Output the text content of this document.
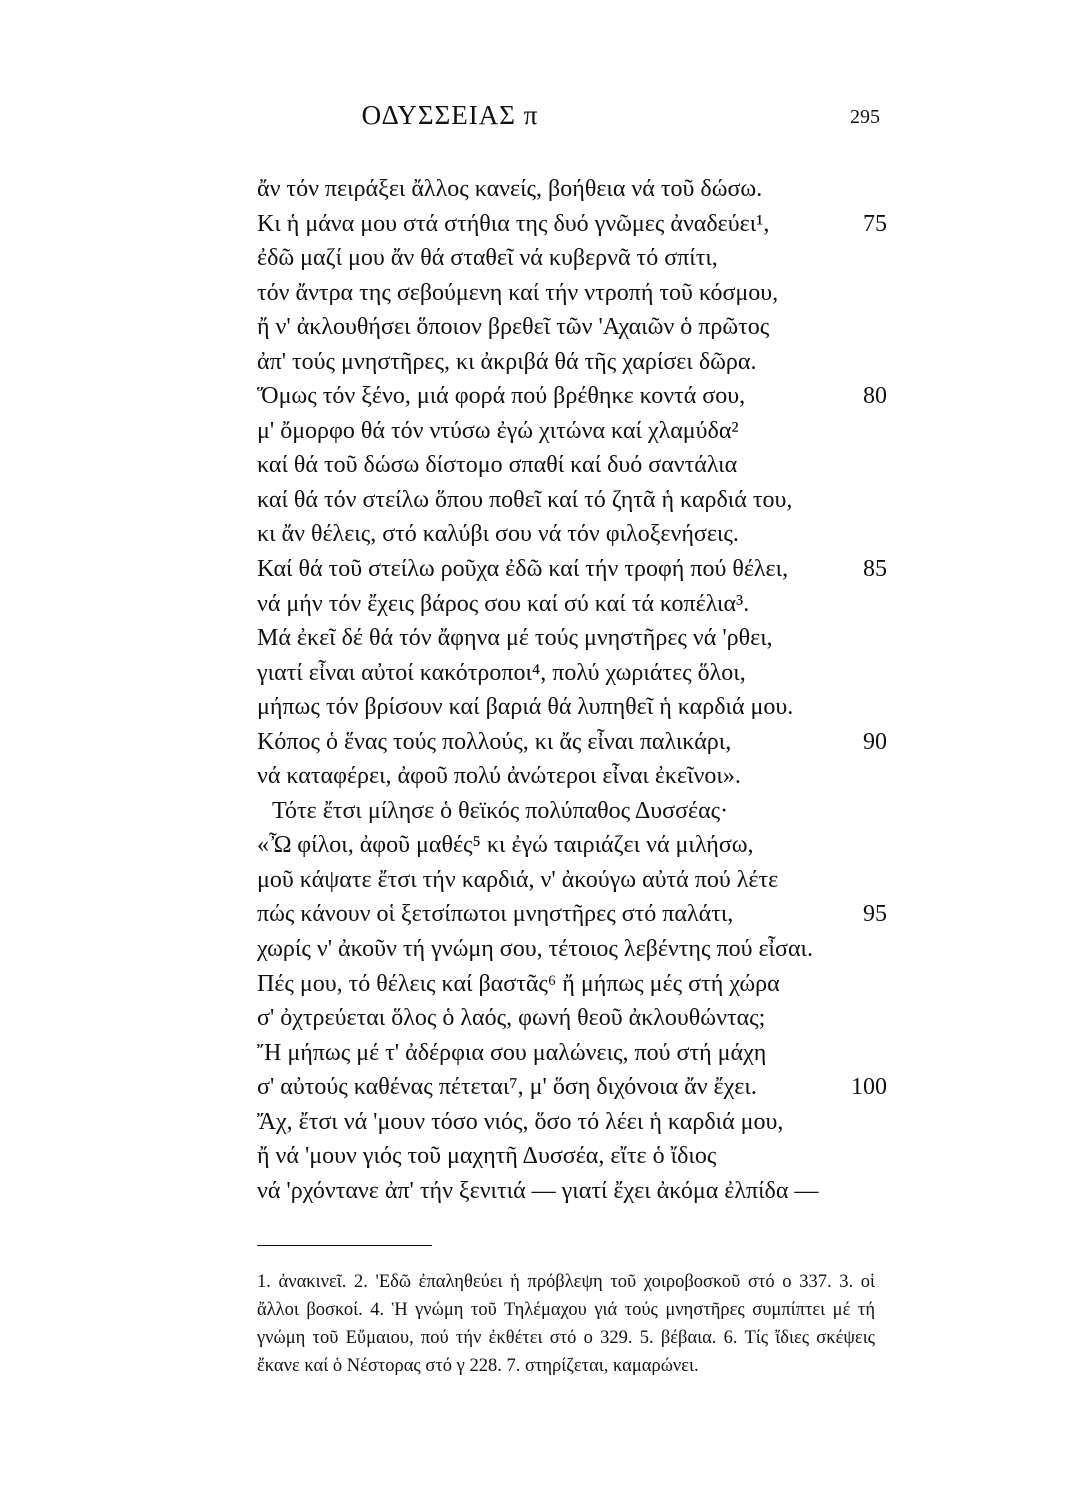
ΟΔΥΣΣΕΙΑΣ π	295
ἄν τόν πειράξει ἄλλος κανείς, βοήθεια νά τοῦ δώσω.
Κι ἡ μάνα μου στά στήθια της δυό γνῶμες ἀναδεύει¹,	75
ἐδῶ μαζί μου ἄν θά σταθεῖ νά κυβερνᾶ τό σπίτι,
τόν ἄντρα της σεβούμενη καί τήν ντροπή τοῦ κόσμου,
ἤ ν' ἀκλουθήσει ὅποιον βρεθεῖ τῶν 'Αχαιῶν ὁ πρῶτος
ἀπ' τούς μνηστῆρες, κι ἀκριβά θά τῆς χαρίσει δῶρα.
Ὅμως τόν ξένο, μιά φορά πού βρέθηκε κοντά σου,	80
μ' ὄμορφο θά τόν ντύσω ἐγώ χιτώνα καί χλαμύδα²
καί θά τοῦ δώσω δίστομο σπαθί καί δυό σαντάλια
καί θά τόν στείλω ὅπου ποθεῖ καί τό ζητᾶ ἡ καρδιά του,
κι ἄν θέλεις, στό καλύβι σου νά τόν φιλοξενήσεις.
Καί θά τοῦ στείλω ροῦχα ἐδῶ καί τήν τροφή πού θέλει,	85
νά μήν τόν ἔχεις βάρος σου καί σύ καί τά κοπέλια³.
Μά ἐκεῖ δέ θά τόν ἄφηνα μέ τούς μνηστῆρες νά 'ρθει,
γιατί εἶναι αὐτοί κακότροποι⁴, πολύ χωριάτες ὅλοι,
μήπως τόν βρίσουν καί βαριά θά λυπηθεῖ ἡ καρδιά μου.
Κόπος ὁ ἕνας τούς πολλούς, κι ἄς εἶναι παλικάρι,	90
νά καταφέρει, ἀφοῦ πολύ ἀνώτεροι εἶναι ἐκεῖνοι».
Τότε ἔτσι μίλησε ὁ θεϊκός πολύπαθος Δυσσέας·
«Ὦ φίλοι, ἀφοῦ μαθές⁵ κι ἐγώ ταιριάζει νά μιλήσω,
μοῦ κάψατε ἔτσι τήν καρδιά, ν' ἀκούγω αὐτά πού λέτε
πώς κάνουν οἱ ξετσίπωτοι μνηστῆρες στό παλάτι,	95
χωρίς ν' ἀκοῦν τή γνώμη σου, τέτοιος λεβέντης πού εἶσαι.
Πές μου, τό θέλεις καί βαστᾶς⁶ ἤ μήπως μές στή χώρα
σ' ὀχτρεύεται ὅλος ὁ λαός, φωνή θεοῦ ἀκλουθώντας;
Ἤ μήπως μέ τ' ἀδέρφια σου μαλώνεις, πού στή μάχη
σ' αὐτούς καθένας πέτεται⁷, μ' ὅση διχόνοια ἄν ἔχει.	100
Ἄχ, ἔτσι νά 'μουν τόσο νιός, ὅσο τό λέει ἡ καρδιά μου,
ἤ νά 'μουν γιός τοῦ μαχητῆ Δυσσέα, εἴτε ὁ ἴδιος
νά 'ρχόντανε ἀπ' τήν ξενιτιά — γιατί ἔχει ἀκόμα ἐλπίδα —
1. ἀνακινεῖ. 2. 'Εδῶ ἐπαληθεύει ἡ πρόβλεψη τοῦ χοιροβοσκοῦ στό ο 337. 3. οἱ ἄλλοι βοσκοί. 4. Ἡ γνώμη τοῦ Τηλέμαχου γιά τούς μνηστῆρες συμπίπτει μέ τή γνώμη τοῦ Εὔμαιου, πού τήν ἐκθέτει στό ο 329. 5. βέβαια. 6. Τίς ἴδιες σκέψεις ἔκανε καί ὁ Νέστορας στό γ 228. 7. στηρίζεται, καμαρώνει.
